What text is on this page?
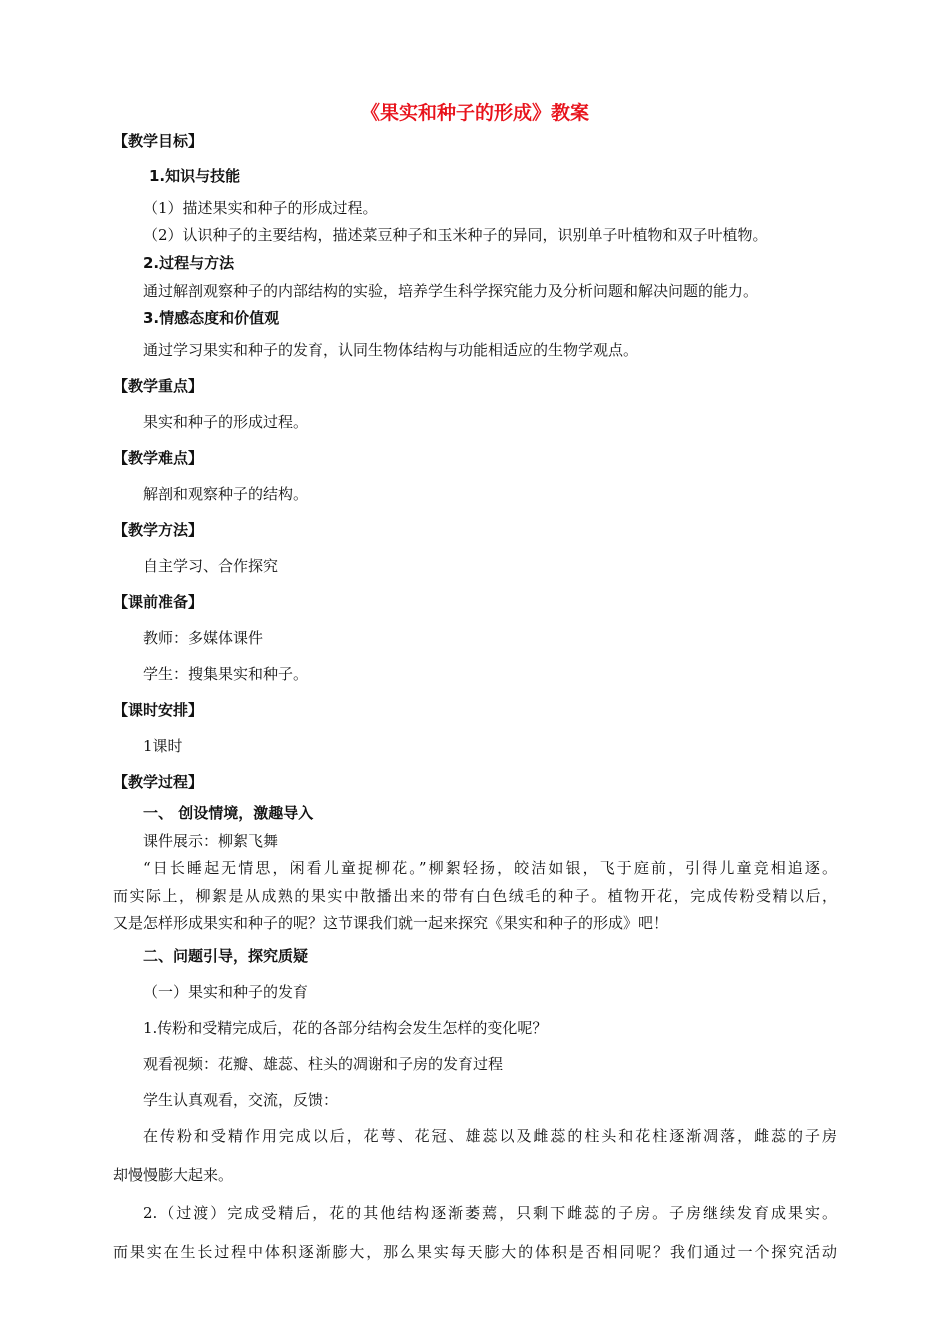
《果实和种子的形成》教案
【教学目标】
1.知识与技能
（1）描述果实和种子的形成过程。
（2）认识种子的主要结构，描述菜豆种子和玉米种子的异同，识别单子叶植物和双子叶植物。
2.过程与方法
通过解剖观察种子的内部结构的实验，培养学生科学探究能力及分析问题和解决问题的能力。
3.情感态度和价值观
通过学习果实和种子的发育，认同生物体结构与功能相适应的生物学观点。
【教学重点】
果实和种子的形成过程。
【教学难点】
解剖和观察种子的结构。
【教学方法】
自主学习、合作探究
【课前准备】
教师：多媒体课件
学生：搜集果实和种子。
【课时安排】
1课时
【教学过程】
一、 创设情境，激趣导入
课件展示：柳絮飞舞
“日长睡起无情思，闲看儿童捉柳花。”柳絮轻扬，皎洁如银，飞于庭前，引得儿童竞相追逐。
而实际上，柳絮是从成熟的果实中散播出来的带有白色绒毛的种子。植物开花，完成传粉受精以后，
又是怎样形成果实和种子的呢？这节课我们就一起来探究《果实和种子的形成》吧！
二、问题引导，探究质疑
（一）果实和种子的发育
1.传粉和受精完成后，花的各部分结构会发生怎样的变化呢？
观看视频：花瓣、雄蕊、柱头的凋谢和子房的发育过程
学生认真观看，交流，反馈：
在传粉和受精作用完成以后，花萼、花冠、雄蕊以及雌蕊的柱头和花柱逐渐凋落，雌蕊的子房
却慢慢膨大起来。
2.（过渡）完成受精后，花的其他结构逐渐萎蔫，只剩下雌蕊的子房。子房继续发育成果实。
而果实在生长过程中体积逐渐膨大，那么果实每天膨大的体积是否相同呢？我们通过一个探究活动
